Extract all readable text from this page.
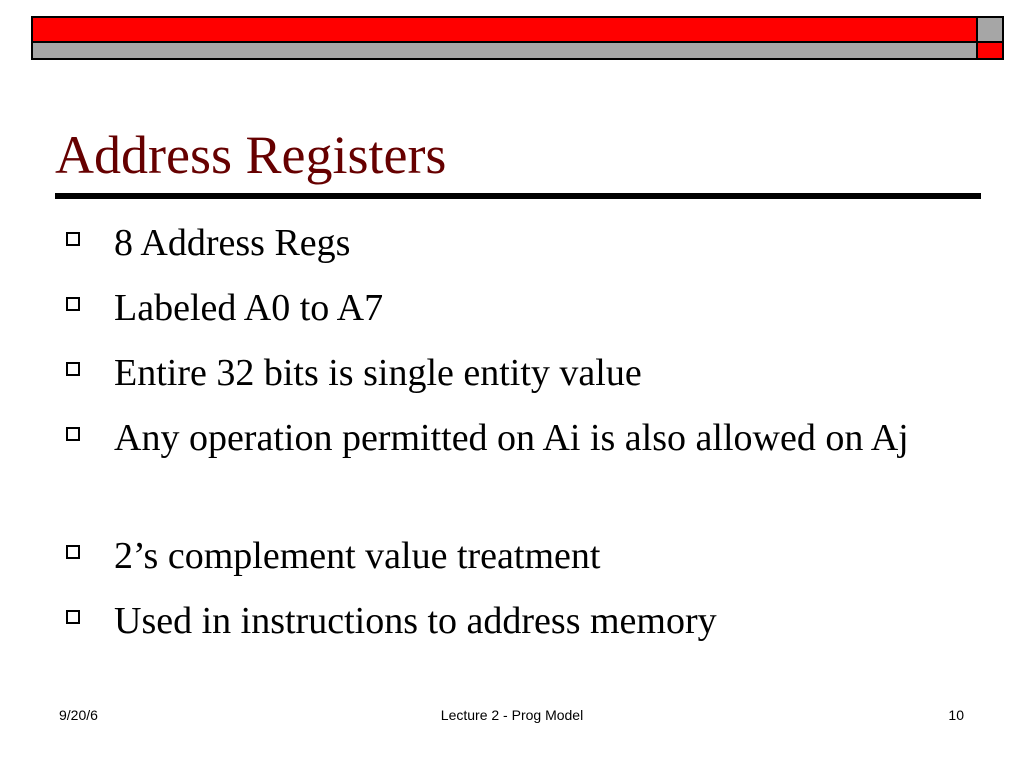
Address Registers
8 Address Regs
Labeled A0 to A7
Entire 32 bits is single entity value
Any operation permitted on Ai is also allowed on Aj
2’s complement value treatment
Used in instructions to address memory
9/20/6	Lecture 2 - Prog Model	10
